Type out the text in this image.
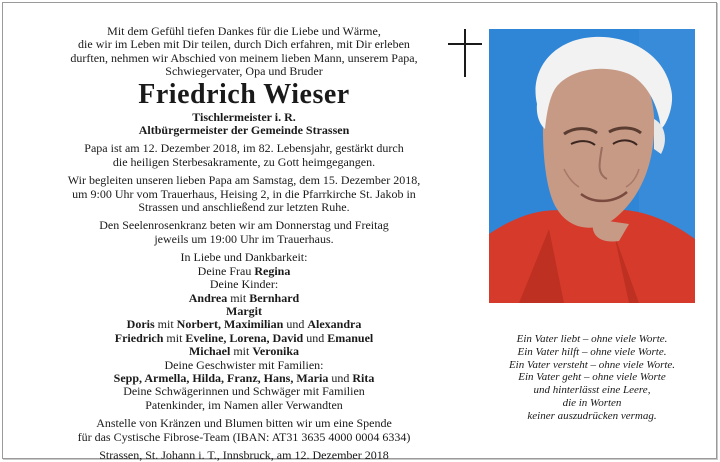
Mit dem Gefühl tiefen Dankes für die Liebe und Wärme,
die wir im Leben mit Dir teilen, durch Dich erfahren, mit Dir erleben
durften, nehmen wir Abschied von meinem lieben Mann, unserem Papa,
Schwiegervater, Opa und Bruder
Friedrich Wieser
Tischlermeister i. R.
Altbürgermeister der Gemeinde Strassen
Papa ist am 12. Dezember 2018, im 82. Lebensjahr, gestärkt durch
die heiligen Sterbesakramente, zu Gott heimgegangen.
Wir begleiten unseren lieben Papa am Samstag, dem 15. Dezember 2018,
um 9:00 Uhr vom Trauerhaus, Heising 2, in die Pfarrkirche St. Jakob in
Strassen und anschließend zur letzten Ruhe.
Den Seelenrosenkranz beten wir am Donnerstag und Freitag
jeweils um 19:00 Uhr im Trauerhaus.
In Liebe und Dankbarkeit:
Deine Frau Regina
Deine Kinder:
Andrea mit Bernhard
Margit
Doris mit Norbert, Maximilian und Alexandra
Friedrich mit Eveline, Lorena, David und Emanuel
Michael mit Veronika
Deine Geschwister mit Familien:
Sepp, Armella, Hilda, Franz, Hans, Maria und Rita
Deine Schwägerinnen und Schwäger mit Familien
Patenkinder, im Namen aller Verwandten
Anstelle von Kränzen und Blumen bitten wir um eine Spende
für das Cystische Fibrose-Team (IBAN: AT31 3635 4000 0004 6334)
Strassen, St. Johann i. T., Innsbruck, am 12. Dezember 2018
Ein Vater liebt – ohne viele Worte.
Ein Vater hilft – ohne viele Worte.
Ein Vater versteht – ohne viele Worte.
Ein Vater geht – ohne viele Worte
und hinterlässt eine Leere,
die in Worten
keiner auszudrücken vermag.
